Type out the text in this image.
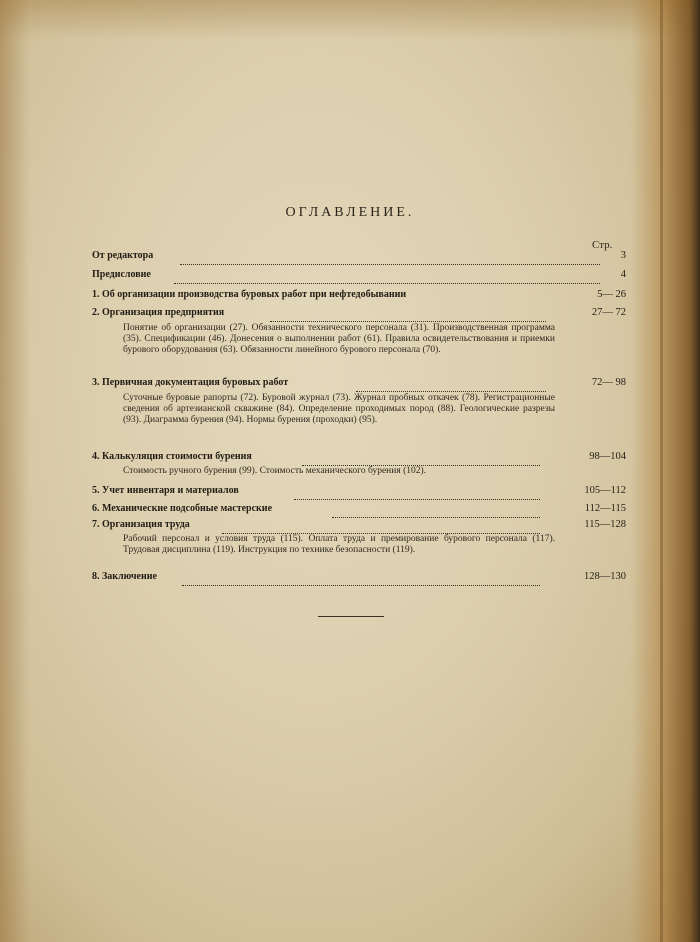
ОГЛАВЛЕНИЕ.
Стр.
От редактора	3
Предисловие	4
1. Об организации производства буровых работ при нефтедобывании	5— 26
2. Организация предприятия	27— 72
Понятие об организации (27). Обязанности технического персонала (31). Производственная программа (35). Спецификации (46). Донесения о выполнении работ (61). Правила освидетельствования и приемки бурового оборудования (63). Обязанности линейного бурового персонала (70).
3. Первичная документация буровых работ	72— 98
Суточные буровые рапорты (72). Буровой журнал (73). Журнал пробных откачек (78). Регистрационные сведения об артезианской скважине (84). Определение проходимых пород (88). Геологические разрезы (93). Диаграмма бурения (94). Нормы бурения (проходки) (95).
4. Калькуляция стоимости бурения	98—104
Стоимость ручного бурения (99). Стоимость механического бурения (102).
5. Учет инвентаря и материалов	105—112
6. Механические подсобные мастерские	112—115
7. Организация труда	115—128
Рабочий персонал и условия труда (115). Оплата труда и премирование бурового персонала (117). Трудовая дисциплина (119). Инструкция по технике безопасности (119).
8. Заключение	128—130
